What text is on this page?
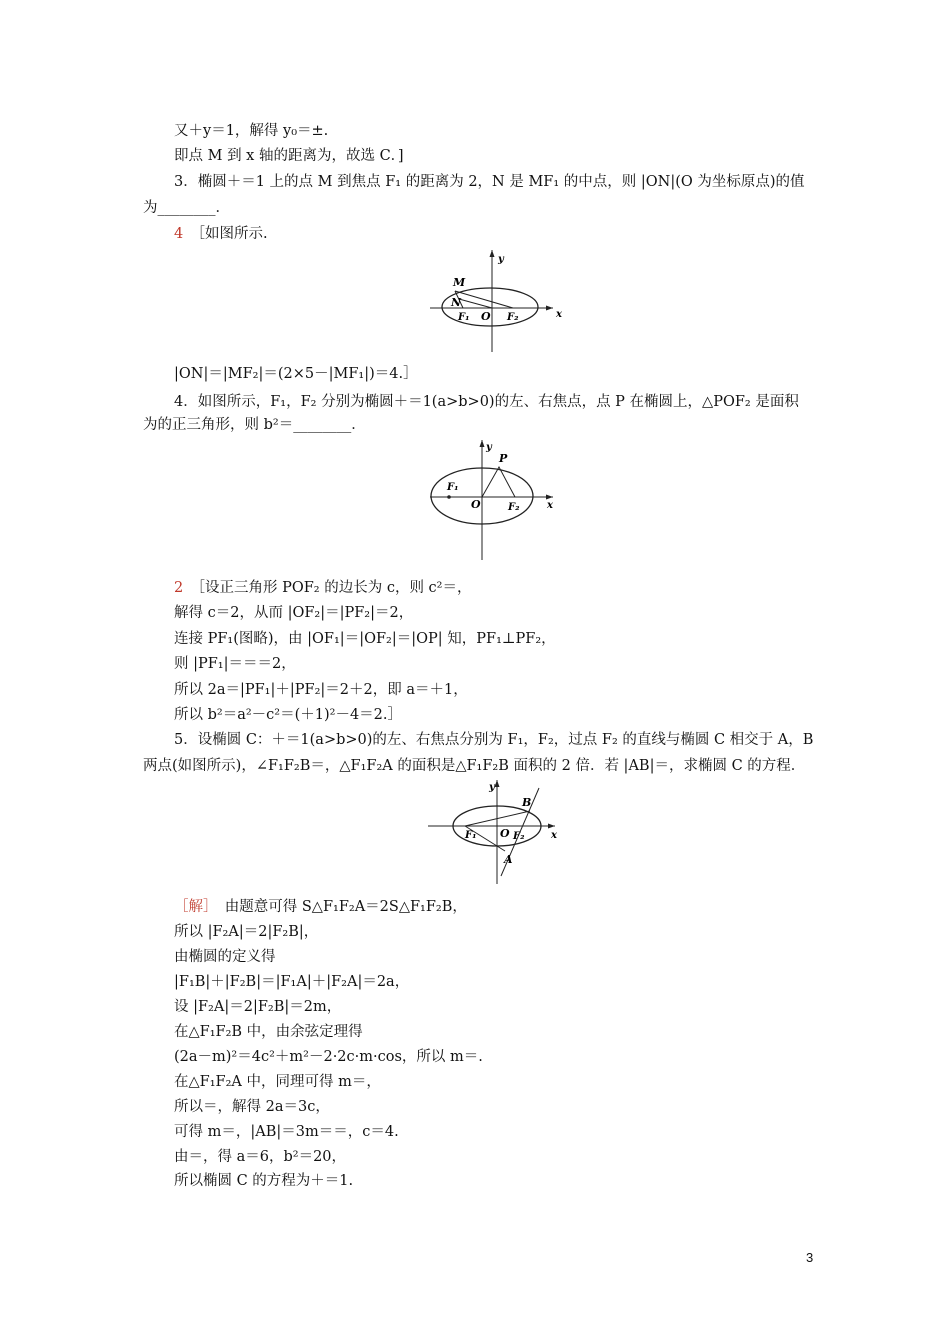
又＋y＝1，解得 y₀＝±.
即点 M 到 x 轴的距离为，故选 C．]
3．椭圆＋＝1 上的点 M 到焦点 F₁ 的距离为 2，N 是 MF₁ 的中点，则 |ON|(O 为坐标原点)的值
为________．
4　 ［如图所示.
y
x
M
N
F₁ O F₂
|ON|＝|MF₂|＝(2×5－|MF₁|)＝4.］
4．如图所示，F₁，F₂ 分别为椭圆＋＝1(a>b>0)的左、右焦点，点 P 在椭圆上，△POF₂ 是面积
为的正三角形，则 b²＝________．
y
x
P
F₁
O	F₂
2　 ［设正三角形 POF₂ 的边长为 c，则 c²＝，
解得 c＝2，从而 |OF₂|＝|PF₂|＝2，
连接 PF₁(图略)，由 |OF₁|＝|OF₂|＝|OP| 知，PF₁⊥PF₂，
则 |PF₁|＝＝＝2，
所以 2a＝|PF₁|＋|PF₂|＝2＋2，即 a＝＋1，
所以 b²＝a²－c²＝(＋1)²－4＝2.］
5．设椭圆 C：＋＝1(a>b>0)的左、右焦点分别为 F₁，F₂，过点 F₂ 的直线与椭圆 C 相交于 A，B
两点(如图所示)，∠F₁F₂B＝，△F₁F₂A 的面积是△F₁F₂B 面积的 2 倍．若 |AB|＝，求椭圆 C 的方程．
y
x
B
F₁ O F₂
A
［解］　 由题意可得 S△F₁F₂A＝2S△F₁F₂B，
所以 |F₂A|＝2|F₂B|，
由椭圆的定义得
|F₁B|＋|F₂B|＝|F₁A|＋|F₂A|＝2a，
设 |F₂A|＝2|F₂B|＝2m，
在△F₁F₂B 中，由余弦定理得
(2a－m)²＝4c²＋m²－2·2c·m·cos，所以 m＝.
在△F₁F₂A 中，同理可得 m＝，
所以＝，解得 2a＝3c，
可得 m＝，|AB|＝3m＝＝，c＝4.
由＝，得 a＝6，b²＝20，
所以椭圆 C 的方程为＋＝1.
3
